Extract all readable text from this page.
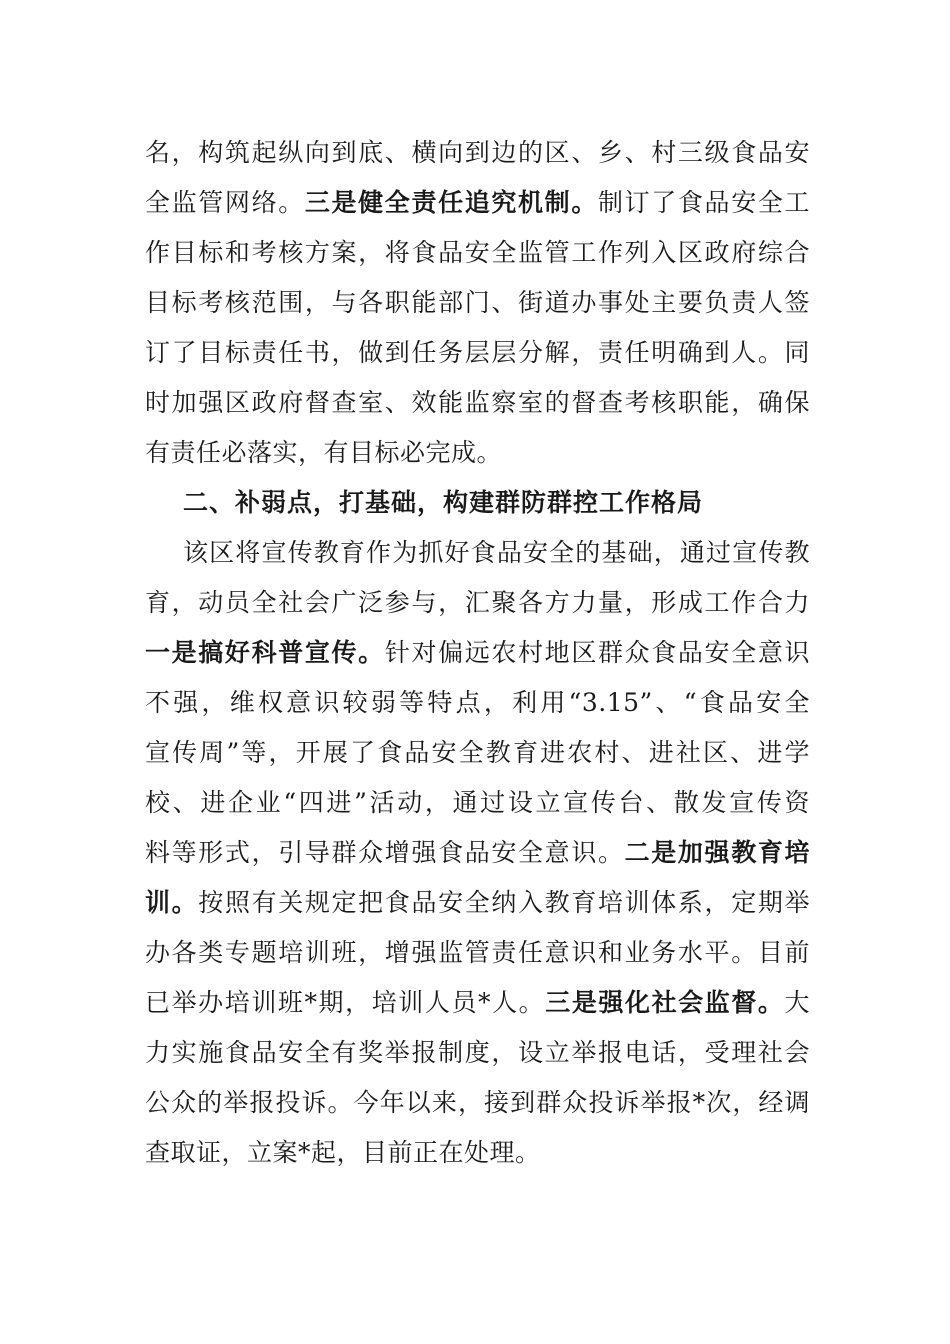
名，构筑起纵向到底、横向到边的区、乡、村三级食品安
全监管网络。三是健全责任追究机制。制订了食品安全工
作目标和考核方案，将食品安全监管工作列入区政府综合
目标考核范围，与各职能部门、街道办事处主要负责人签
订了目标责任书，做到任务层层分解，责任明确到人。同
时加强区政府督查室、效能监察室的督查考核职能，确保
有责任必落实，有目标必完成。
二、补弱点，打基础，构建群防群控工作格局
该区将宣传教育作为抓好食品安全的基础，通过宣传教
育，动员全社会广泛参与，汇聚各方力量，形成工作合力
一是搞好科普宣传。针对偏远农村地区群众食品安全意识
不强，维权意识较弱等特点，利用“3.15”、“食品安全
宣传周”等，开展了食品安全教育进农村、进社区、进学
校、进企业“四进”活动，通过设立宣传台、散发宣传资
料等形式，引导群众增强食品安全意识。二是加强教育培
训。按照有关规定把食品安全纳入教育培训体系，定期举
办各类专题培训班，增强监管责任意识和业务水平。目前
已举办培训班*期，培训人员*人。三是强化社会监督。大
力实施食品安全有奖举报制度，设立举报电话，受理社会
公众的举报投诉。今年以来，接到群众投诉举报*次，经调
查取证，立案*起，目前正在处理。
